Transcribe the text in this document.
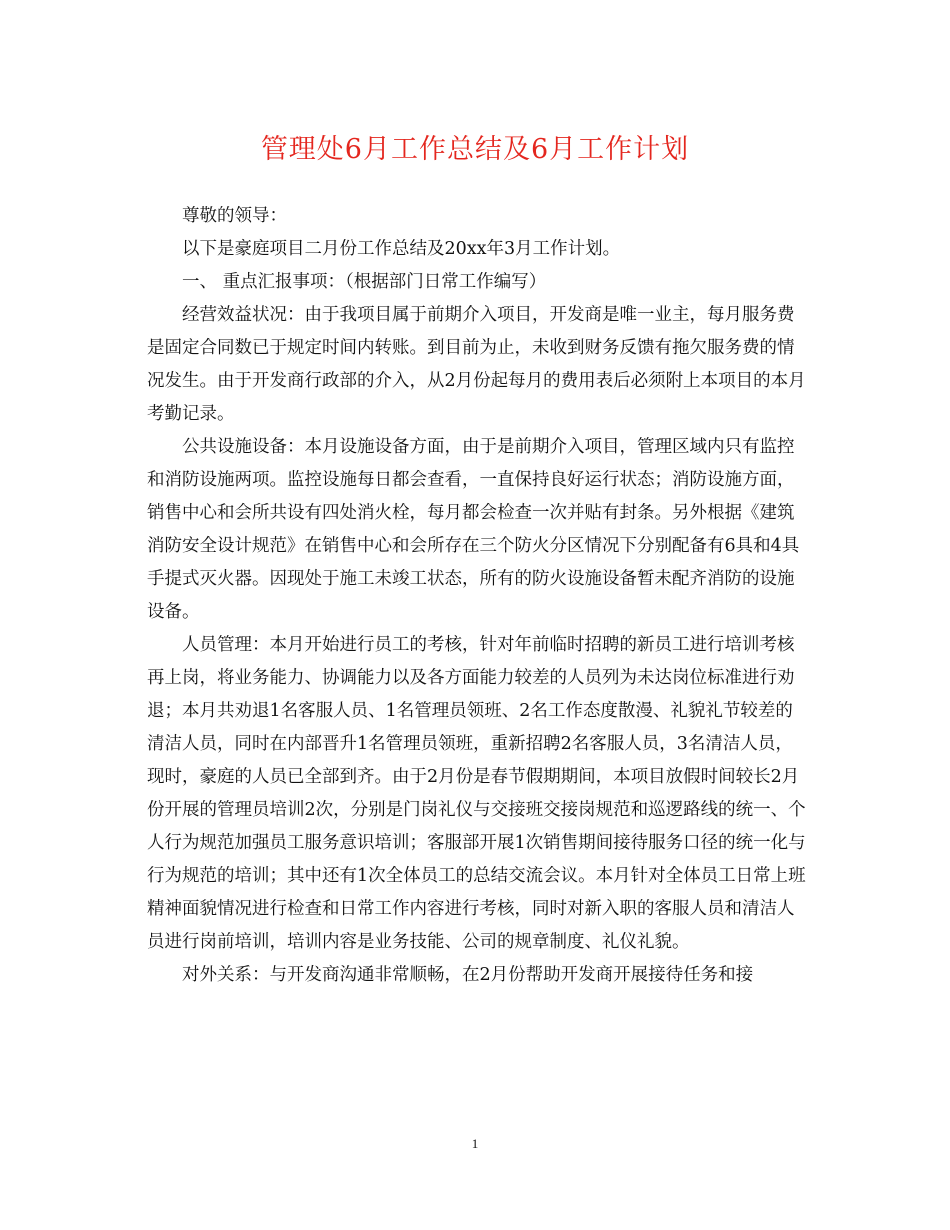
管理处6月工作总结及6月工作计划

尊敬的领导：

以下是豪庭项目二月份工作总结及20xx年3月工作计划。

一、 重点汇报事项：（根据部门日常工作编写）

经营效益状况：由于我项目属于前期介入项目，开发商是唯一业主，每月服务费是固定合同数已于规定时间内转账。到目前为止，未收到财务反馈有拖欠服务费的情况发生。由于开发商行政部的介入，从2月份起每月的费用表后必须附上本项目的本月考勤记录。

公共设施设备：本月设施设备方面，由于是前期介入项目，管理区域内只有监控和消防设施两项。监控设施每日都会查看，一直保持良好运行状态；消防设施方面，销售中心和会所共设有四处消火栓，每月都会检查一次并贴有封条。另外根据《建筑消防安全设计规范》在销售中心和会所存在三个防火分区情况下分别配备有6具和4具手提式灭火器。因现处于施工未竣工状态，所有的防火设施设备暂未配齐消防的设施设备。

人员管理：本月开始进行员工的考核，针对年前临时招聘的新员工进行培训考核再上岗，将业务能力、协调能力以及各方面能力较差的人员列为未达岗位标准进行劝退；本月共劝退1名客服人员、1名管理员领班、2名工作态度散漫、礼貌礼节较差的清洁人员，同时在内部晋升1名管理员领班，重新招聘2名客服人员，3名清洁人员，现时，豪庭的人员已全部到齐。由于2月份是春节假期期间，本项目放假时间较长2月份开展的管理员培训2次，分别是门岗礼仪与交接班交接岗规范和巡逻路线的统一、个人行为规范加强员工服务意识培训；客服部开展1次销售期间接待服务口径的统一化与行为规范的培训；其中还有1次全体员工的总结交流会议。本月针对全体员工日常上班精神面貌情况进行检查和日常工作内容进行考核，同时对新入职的客服人员和清洁人员进行岗前培训，培训内容是业务技能、公司的规章制度、礼仪礼貌。

对外关系：与开发商沟通非常顺畅，在2月份帮助开发商开展接待任务和接

1
